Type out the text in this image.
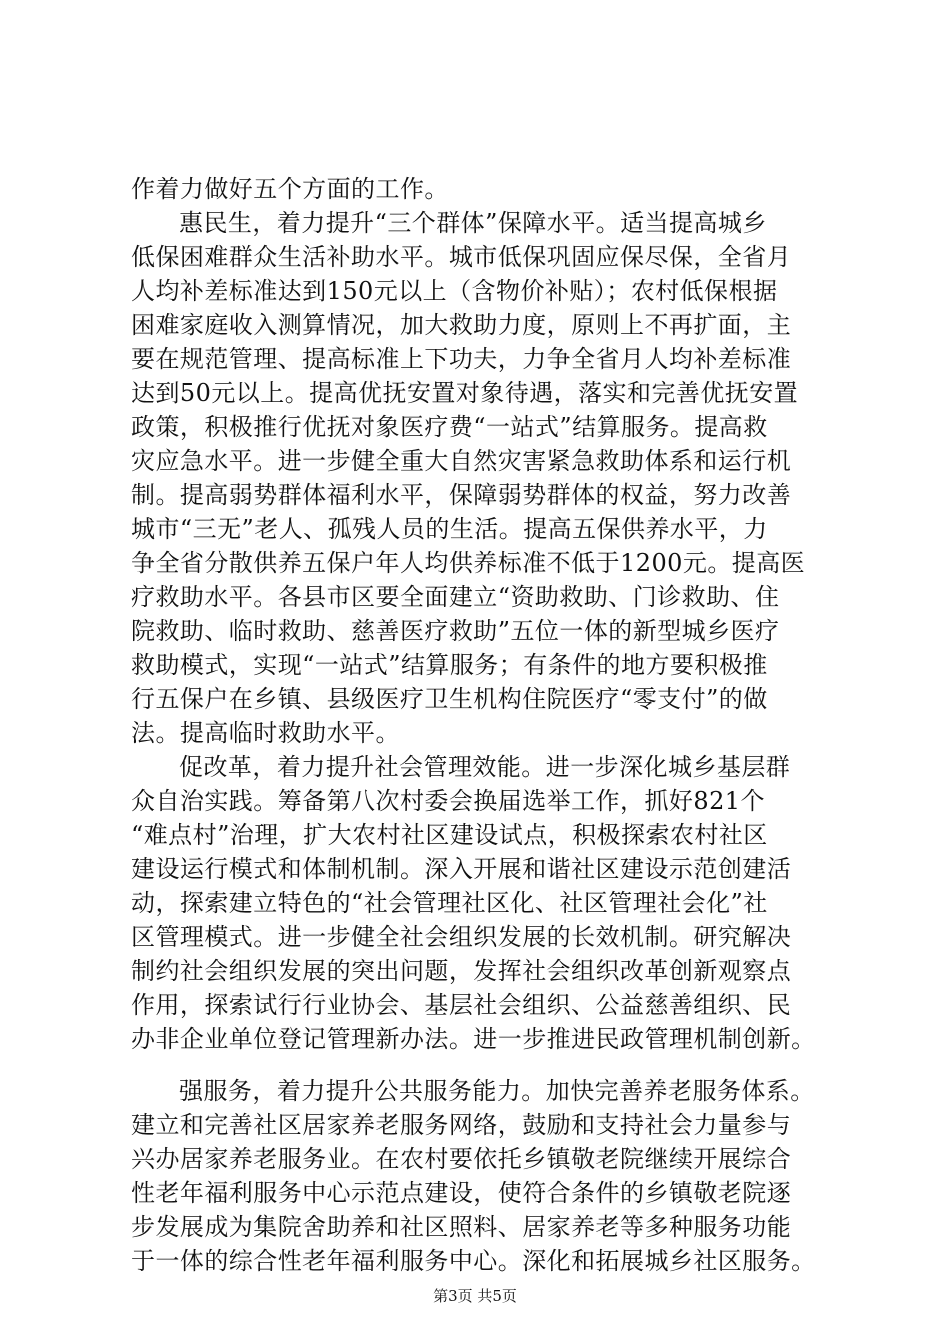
作着力做好五个方面的工作。
惠民生，着力提升“三个群体”保障水平。适当提高城乡
低保困难群众生活补助水平。城市低保巩固应保尽保，全省月
人均补差标准达到150元以上（含物价补贴）；农村低保根据
困难家庭收入测算情况，加大救助力度，原则上不再扩面，主
要在规范管理、提高标准上下功夫，力争全省月人均补差标准
达到50元以上。提高优抚安置对象待遇，落实和完善优抚安置
政策，积极推行优抚对象医疗费“一站式”结算服务。提高救
灾应急水平。进一步健全重大自然灾害紧急救助体系和运行机
制。提高弱势群体福利水平，保障弱势群体的权益，努力改善
城市“三无”老人、孤残人员的生活。提高五保供养水平，力
争全省分散供养五保户年人均供养标准不低于1200元。提高医
疗救助水平。各县市区要全面建立“资助救助、门诊救助、住
院救助、临时救助、慈善医疗救助”五位一体的新型城乡医疗
救助模式，实现“一站式”结算服务；有条件的地方要积极推
行五保户在乡镇、县级医疗卫生机构住院医疗“零支付”的做
法。提高临时救助水平。
促改革，着力提升社会管理效能。进一步深化城乡基层群
众自治实践。筹备第八次村委会换届选举工作，抓好821个
“难点村”治理，扩大农村社区建设试点，积极探索农村社区
建设运行模式和体制机制。深入开展和谐社区建设示范创建活
动，探索建立特色的“社会管理社区化、社区管理社会化”社
区管理模式。进一步健全社会组织发展的长效机制。研究解决
制约社会组织发展的突出问题，发挥社会组织改革创新观察点
作用，探索试行行业协会、基层社会组织、公益慈善组织、民
办非企业单位登记管理新办法。进一步推进民政管理机制创新。
强服务，着力提升公共服务能力。加快完善养老服务体系。
建立和完善社区居家养老服务网络，鼓励和支持社会力量参与
兴办居家养老服务业。在农村要依托乡镇敬老院继续开展综合
性老年福利服务中心示范点建设，使符合条件的乡镇敬老院逐
步发展成为集院舍助养和社区照料、居家养老等多种服务功能
于一体的综合性老年福利服务中心。深化和拓展城乡社区服务。
第3页 共5页
